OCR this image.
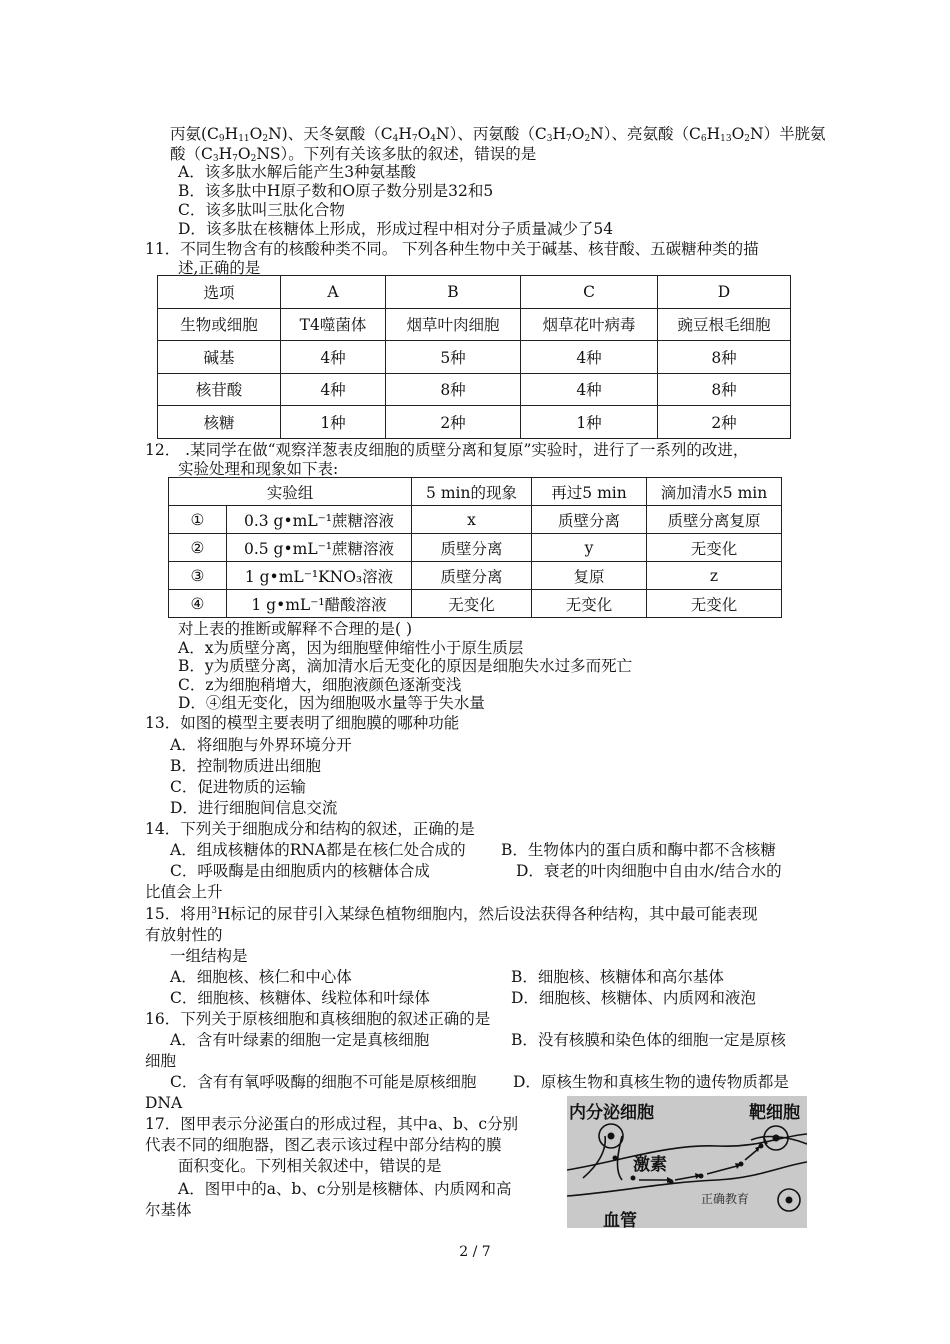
丙氨$(C_9H_{11}O_2N)$、天冬氨酸$(C_4H_7O_4N)$、丙氨酸$(C_3H_7O_2N)$、亮氨酸$(C_6H_{13}O_2N)$半胱氨
酸$(C_3H_7O_2NS)$。下列有关该多肽的叙述，错误的是
A．该多肽水解后能产生3种氨基酸
B．该多肽中H原子数和O原子数分别是32和5
C．该多肽叫三肽化合物
D．该多肽在核糖体上形成，形成过程中相对分子质量减少了54
11．不同生物含有的核酸种类不同。 下列各种生物中关于碱基、核苷酸、五碳糖种类的描
述,正确的是
选项	A	B	C	D
生物或细胞	T4噬菌体	烟草叶肉细胞	烟草花叶病毒	豌豆根毛细胞
碱基	4种	5种	4种	8种
核苷酸	4种	8种	4种	8种
核糖	1种	2种	1种	2种
12． .某同学在做“观察洋葱表皮细胞的质壁分离和复原”实验时，进行了一系列的改进，
实验处理和现象如下表:
实验组		5 min的现象	再过5 min	滴加清水5 min
①	0.3 g•mL⁻¹蔗糖溶液	x	质壁分离	质壁分离复原
②	0.5 g•mL⁻¹蔗糖溶液	质壁分离	y	无变化
③	1 g•mL⁻¹KNO₃溶液	质壁分离	复原	z
④	1 g•mL⁻¹醋酸溶液	无变化	无变化	无变化
对上表的推断或解释不合理的是( )
A．x为质壁分离，因为细胞壁伸缩性小于原生质层
B．y为质壁分离，滴加清水后无变化的原因是细胞失水过多而死亡
C．z为细胞稍增大，细胞液颜色逐渐变浅
D．④组无变化，因为细胞吸水量等于失水量
13．如图的模型主要表明了细胞膜的哪种功能
A．将细胞与外界环境分开
B．控制物质进出细胞
C．促进物质的运输
D．进行细胞间信息交流
14．下列关于细胞成分和结构的叙述，正确的是
A．组成核糖体的RNA都是在核仁处合成的 B．生物体内的蛋白质和酶中都不含核糖
C．呼吸酶是由细胞质内的核糖体合成	D．衰老的叶肉细胞中自由水/结合水的
比值会上升
15．将用$^3$H标记的尿苷引入某绿色植物细胞内，然后设法获得各种结构，其中最可能表现
有放射性的
一组结构是
A．细胞核、核仁和中心体	B．细胞核、核糖体和高尔基体
C．细胞核、核糖体、线粒体和叶绿体	D．细胞核、核糖体、内质网和液泡
16．下列关于原核细胞和真核细胞的叙述正确的是
A．含有叶绿素的细胞一定是真核细胞	B．没有核膜和染色体的细胞一定是原核
细胞
C．含有有氧呼吸酶的细胞不可能是原核细胞 D．原核生物和真核生物的遗传物质都是
DNA
17．图甲表示分泌蛋白的形成过程，其中a、b、c分别
代表不同的细胞器，图乙表示该过程中部分结构的膜
面积变化。下列相关叙述中，错误的是
A．图甲中的a、b、c分别是核糖体、内质网和高
尔基体
内分泌细胞	靶细胞
激素
血管
正确教育
2 / 7
